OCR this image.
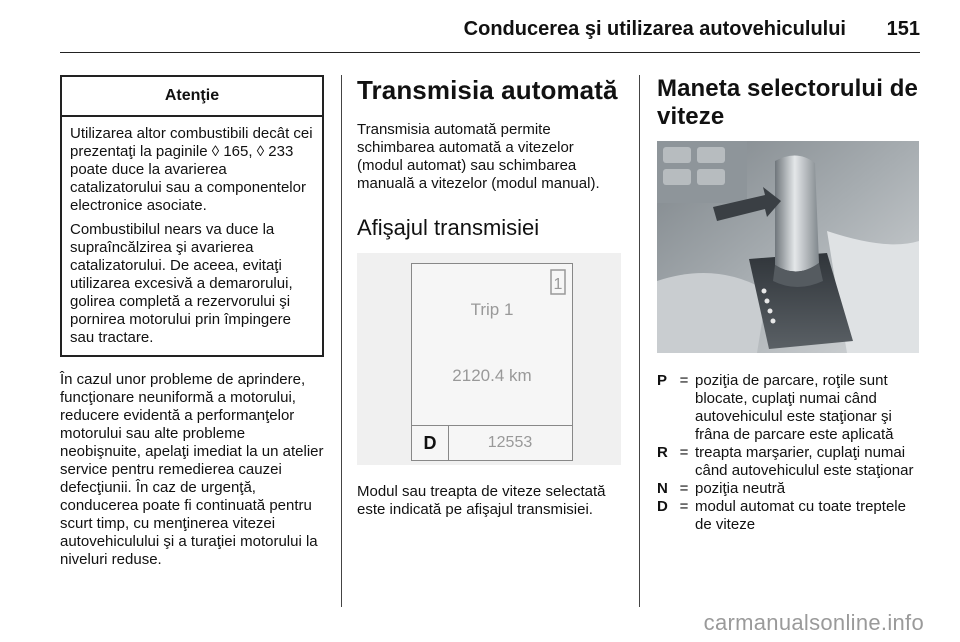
Conducerea şi utilizarea autovehiculului 151
Atenţie

Utilizarea altor combustibili decât cei prezentaţi la paginile ◊ 165, ◊ 233 poate duce la avarierea catalizatorului sau a componentelor electronice asociate.

Combustibilul nears va duce la supraîncălzirea şi avarierea catalizatorului. De aceea, evitaţi utilizarea excesivă a demarorului, golirea completă a rezervorului şi pornirea motorului prin împingere sau tractare.

În cazul unor probleme de aprindere, funcţionare neuniformă a motorului, reducere evidentă a performanţelor motorului sau alte probleme neobişnuite, apelaţi imediat la un atelier service pentru remedierea cauzei defecţiunii. În caz de urgenţă, conducerea poate fi continuată pentru scurt timp, cu menţinerea vitezei autovehiculului şi a turaţiei motorului la niveluri reduse.

Transmisia automată

Transmisia automată permite schimbarea automată a vitezelor (modul automat) sau schimbarea manuală a vitezelor (modul manual).

Afişajul transmisiei
1
Trip 1
2120.4 km
D	12553

Modul sau treapta de viteze selectată este indicată pe afişajul transmisiei.

Maneta selectorului de viteze
P = poziţia de parcare, roţile sunt blocate, cuplaţi numai când autovehiculul este staţionar şi frâna de parcare este aplicată
R = treapta marşarier, cuplaţi numai când autovehiculul este staţionar
N = poziţia neutră
D = modul automat cu toate treptele de viteze
carmanualsonline.info
